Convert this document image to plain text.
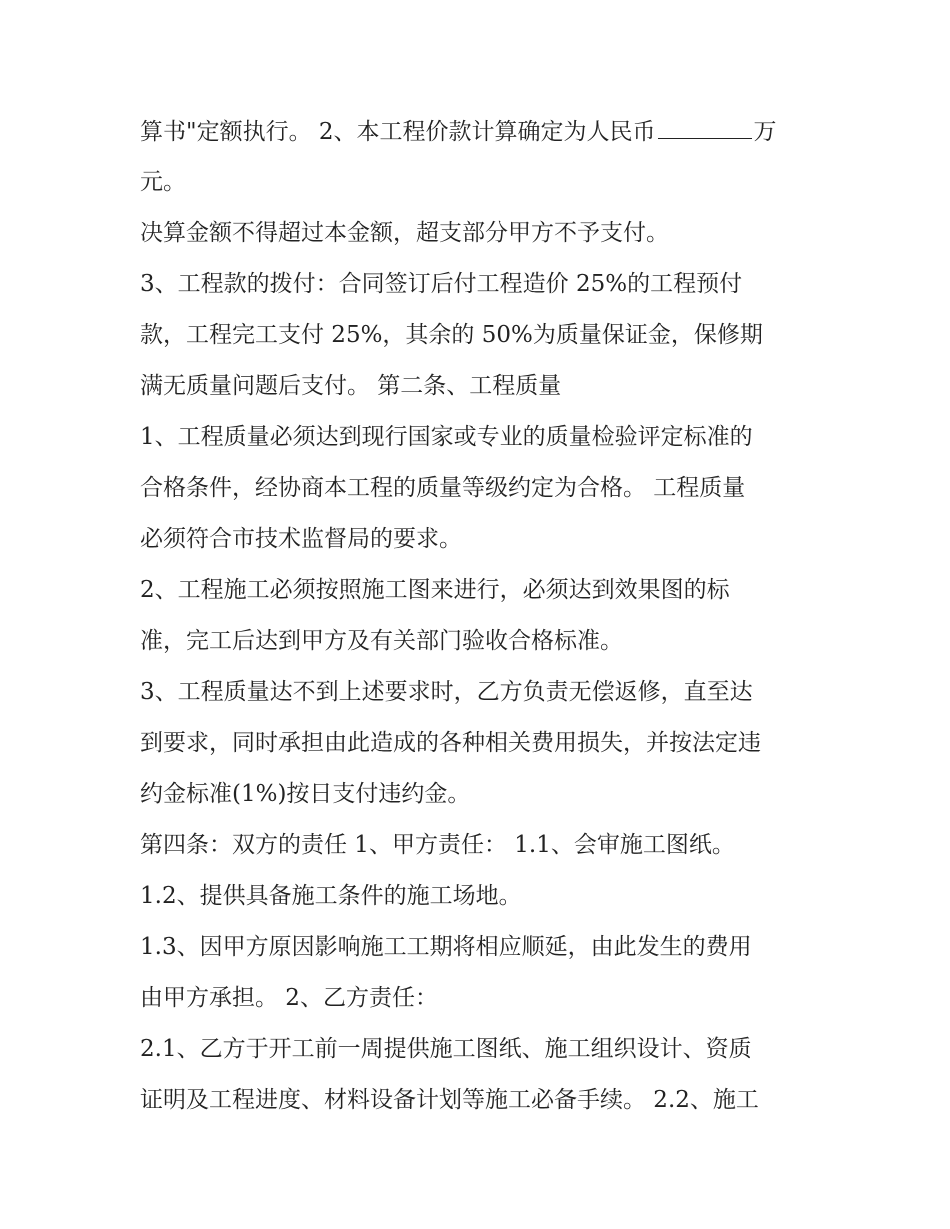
算书"定额执行。 2、本工程价款计算确定为人民币	万
元。
决算金额不得超过本金额，超支部分甲方不予支付。
3、工程款的拨付：合同签订后付工程造价 25%的工程预付
款，工程完工支付 25%，其余的 50%为质量保证金，保修期
满无质量问题后支付。 第二条、工程质量
1、工程质量必须达到现行国家或专业的质量检验评定标准的
合格条件，经协商本工程的质量等级约定为合格。 工程质量
必须符合市技术监督局的要求。
2、工程施工必须按照施工图来进行，必须达到效果图的标
准，完工后达到甲方及有关部门验收合格标准。
3、工程质量达不到上述要求时，乙方负责无偿返修，直至达
到要求，同时承担由此造成的各种相关费用损失，并按法定违
约金标准(1%)按日支付违约金。
第四条：双方的责任 1、甲方责任： 1.1、会审施工图纸。
1.2、提供具备施工条件的施工场地。
1.3、因甲方原因影响施工工期将相应顺延，由此发生的费用
由甲方承担。 2、乙方责任：
2.1、乙方于开工前一周提供施工图纸、施工组织设计、资质
证明及工程进度、材料设备计划等施工必备手续。 2.2、施工
